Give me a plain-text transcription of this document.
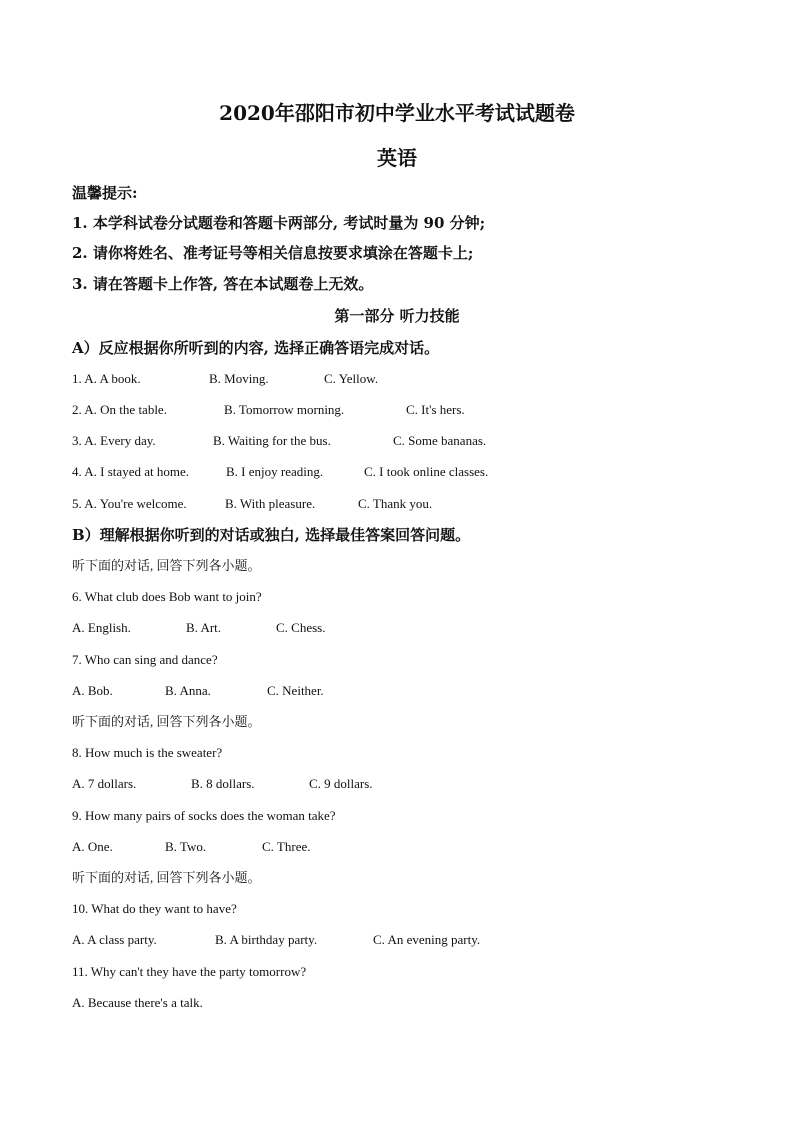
2020年邵阳市初中学业水平考试试题卷
英语
温馨提示:
1. 本学科试卷分试题卷和答题卡两部分, 考试时量为 90 分钟;
2. 请你将姓名、准考证号等相关信息按要求填涂在答题卡上;
3. 请在答题卡上作答, 答在本试题卷上无效。
第一部分 听力技能
A）反应根据你所听到的内容, 选择正确答语完成对话。
1. A. A book.	B. Moving.	C. Yellow.
2. A. On the table.	B. Tomorrow morning.	C. It's hers.
3. A. Every day.	B. Waiting for the bus.	C. Some bananas.
4. A. I stayed at home.	B. I enjoy reading.	C. I took online classes.
5. A. You're welcome.	B. With pleasure.	C. Thank you.
B）理解根据你听到的对话或独白, 选择最佳答案回答问题。
听下面的对话, 回答下列各小题。
6. What club does Bob want to join?
A. English.	B. Art.	C. Chess.
7. Who can sing and dance?
A. Bob.	B. Anna.	C. Neither.
听下面的对话, 回答下列各小题。
8. How much is the sweater?
A. 7 dollars.	B. 8 dollars.	C. 9 dollars.
9. How many pairs of socks does the woman take?
A. One.	B. Two.	C. Three.
听下面的对话, 回答下列各小题。
10. What do they want to have?
A. A class party.	B. A birthday party.	C. An evening party.
11. Why can't they have the party tomorrow?
A. Because there's a talk.
